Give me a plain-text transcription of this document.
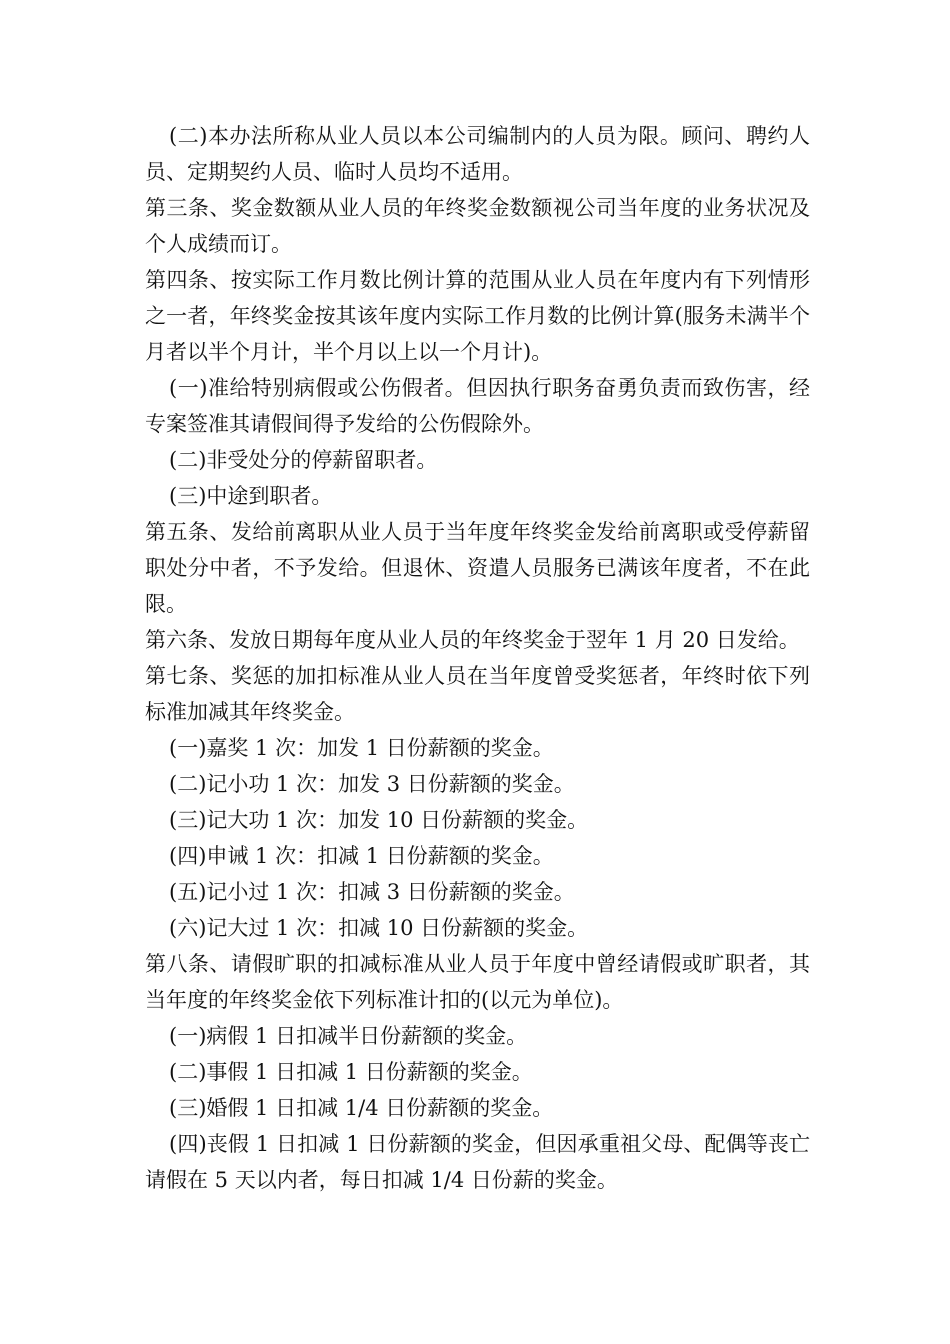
(二)本办法所称从业人员以本公司编制内的人员为限。顾问、聘约人员、定期契约人员、临时人员均不适用。

第三条、奖金数额从业人员的年终奖金数额视公司当年度的业务状况及个人成绩而订。

第四条、按实际工作月数比例计算的范围从业人员在年度内有下列情形之一者，年终奖金按其该年度内实际工作月数的比例计算(服务未满半个月者以半个月计，半个月以上以一个月计)。

(一)准给特别病假或公伤假者。但因执行职务奋勇负责而致伤害，经专案签准其请假间得予发给的公伤假除外。

(二)非受处分的停薪留职者。

(三)中途到职者。

第五条、发给前离职从业人员于当年度年终奖金发给前离职或受停薪留职处分中者，不予发给。但退休、资遣人员服务已满该年度者，不在此限。

第六条、发放日期每年度从业人员的年终奖金于翌年 1 月 20 日发给。

第七条、奖惩的加扣标准从业人员在当年度曾受奖惩者，年终时依下列标准加减其年终奖金。

(一)嘉奖 1 次：加发 1 日份薪额的奖金。

(二)记小功 1 次：加发 3 日份薪额的奖金。

(三)记大功 1 次：加发 10 日份薪额的奖金。

(四)申诫 1 次：扣减 1 日份薪额的奖金。

(五)记小过 1 次：扣减 3 日份薪额的奖金。

(六)记大过 1 次：扣减 10 日份薪额的奖金。

第八条、请假旷职的扣减标准从业人员于年度中曾经请假或旷职者，其当年度的年终奖金依下列标准计扣的(以元为单位)。

(一)病假 1 日扣减半日份薪额的奖金。

(二)事假 1 日扣减 1 日份薪额的奖金。

(三)婚假 1 日扣减 1/4 日份薪额的奖金。

(四)丧假 1 日扣减 1 日份薪额的奖金，但因承重祖父母、配偶等丧亡请假在 5 天以内者，每日扣减 1/4 日份薪的奖金。
